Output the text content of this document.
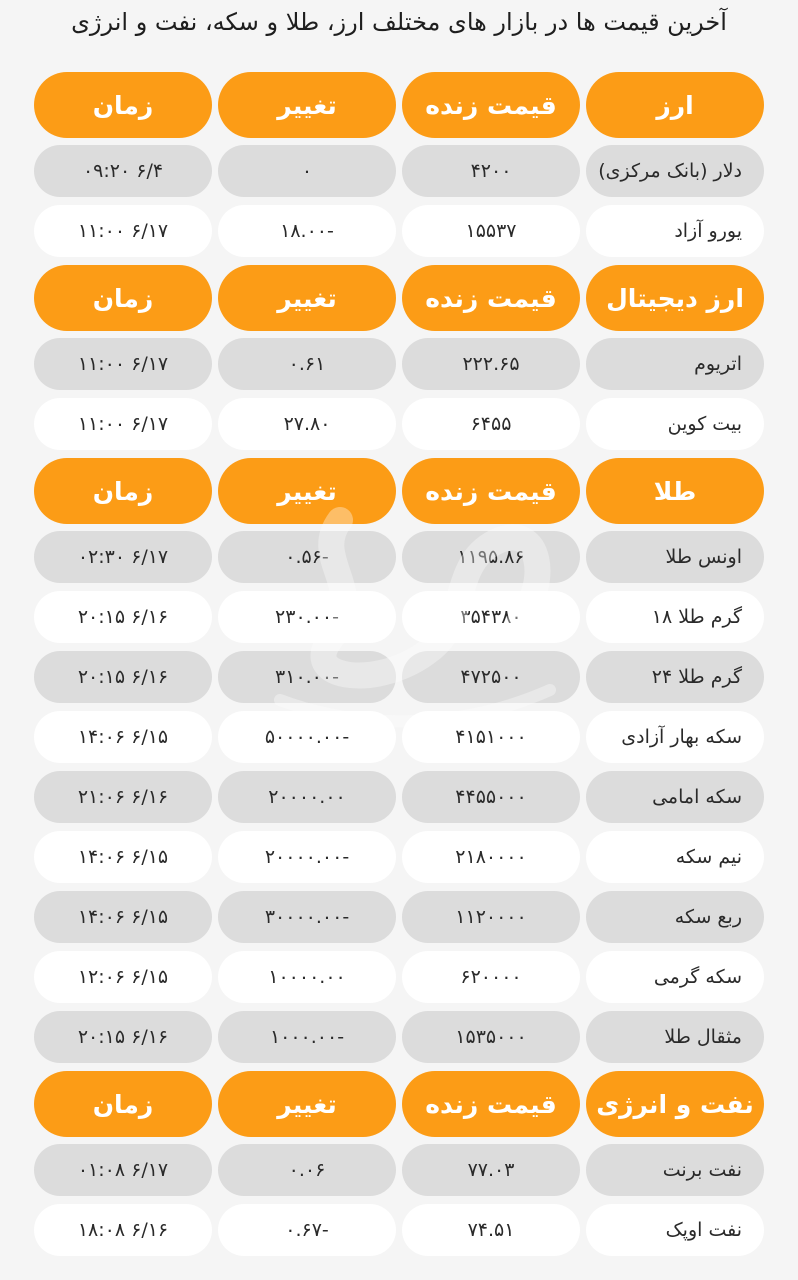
آخرین قیمت ها در بازار های مختلف ارز، طلا و سکه، نفت و انرژی
ارز
قیمت زنده
تغییر
زمان
دلار (بانک مرکزی)
۴۲۰۰
۰
۶/۴ ۰۹:۲۰
یورو آزاد
۱۵۵۳۷
-۱۸.۰۰
۶/۱۷ ۱۱:۰۰
ارز دیجیتال
قیمت زنده
تغییر
زمان
اتریوم
۲۲۲.۶۵
۰.۶۱
۶/۱۷ ۱۱:۰۰
بیت کوین
۶۴۵۵
۲۷.۸۰
۶/۱۷ ۱۱:۰۰
طلا
قیمت زنده
تغییر
زمان
اونس طلا
۱۱۹۵.۸۶
-۰.۵۶
۶/۱۷ ۰۲:۳۰
گرم طلا ۱۸
۳۵۴۳۸۰
-۲۳۰.۰۰
۶/۱۶ ۲۰:۱۵
گرم طلا ۲۴
۴۷۲۵۰۰
-۳۱۰.۰۰
۶/۱۶ ۲۰:۱۵
سکه بهار آزادی
۴۱۵۱۰۰۰
-۵۰۰۰۰.۰۰
۶/۱۵ ۱۴:۰۶
سکه امامی
۴۴۵۵۰۰۰
۲۰۰۰۰.۰۰
۶/۱۶ ۲۱:۰۶
نیم سکه
۲۱۸۰۰۰۰
-۲۰۰۰۰.۰۰
۶/۱۵ ۱۴:۰۶
ربع سکه
۱۱۲۰۰۰۰
-۳۰۰۰۰.۰۰
۶/۱۵ ۱۴:۰۶
سکه گرمی
۶۲۰۰۰۰
۱۰۰۰۰.۰۰
۶/۱۵ ۱۲:۰۶
مثقال طلا
۱۵۳۵۰۰۰
-۱۰۰۰.۰۰
۶/۱۶ ۲۰:۱۵
نفت و انرژی
قیمت زنده
تغییر
زمان
نفت برنت
۷۷.۰۳
۰.۰۶
۶/۱۷ ۰۱:۰۸
نفت اوپک
۷۴.۵۱
-۰.۶۷
۶/۱۶ ۱۸:۰۸
